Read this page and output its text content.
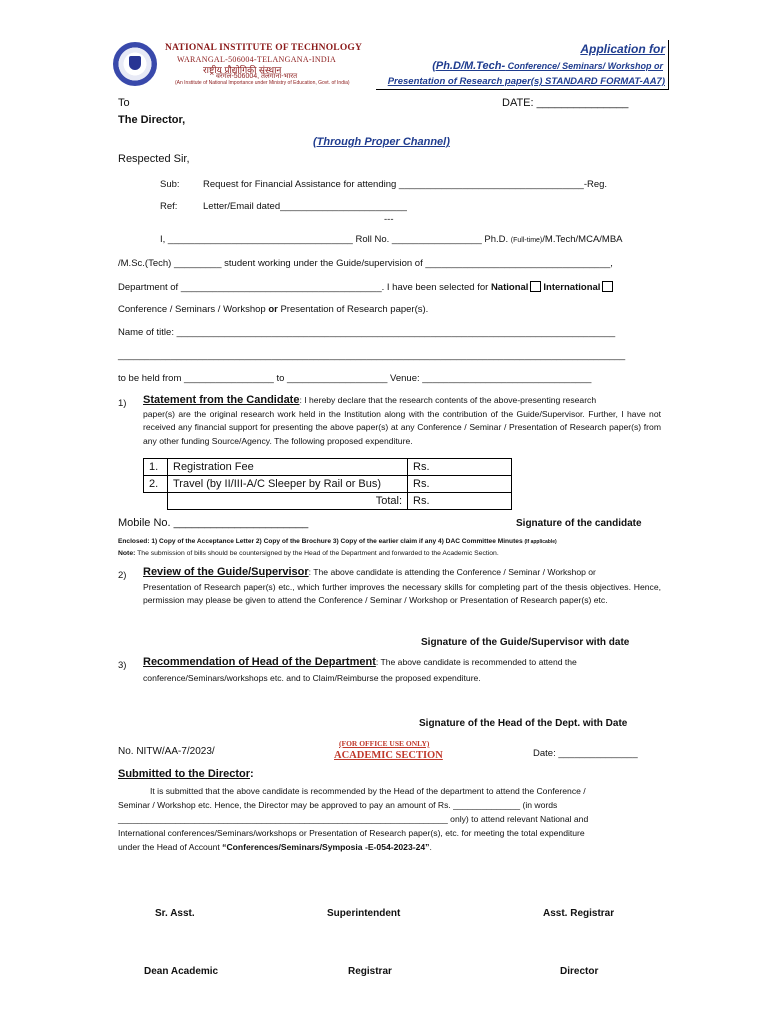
NATIONAL INSTITUTE OF TECHNOLOGY
WARANGAL-506004-TELANGANA-INDIA
राष्ट्रीय प्रौद्योगिकी संस्थान
वरंगल-506004, तेलंगाना-भारत
(An Institute of National Importance under Ministry of Education, Govt. of India)
Application for
(Ph.D/M.Tech- Conference/ Seminars/ Workshop or
Presentation of Research paper(s) STANDARD FORMAT-AA7)
To	DATE: _______________
The Director,
(Through Proper Channel)
Respected Sir,
Sub: Request for Financial Assistance for attending ___________________________________-Reg.
Ref:	Letter/Email dated________________________
---
I, ___________________________________ Roll No. _________________ Ph.D. (Full-time)/M.Tech/MCA/MBA
/M.Sc.(Tech) _________ student working under the Guide/supervision of ___________________________________,
Department of ______________________________________. I have been selected for National International
Conference / Seminars / Workshop or Presentation of Research paper(s).
Name of title: ___________________________________________________________________________________
________________________________________________________________________________________________
to be held from _________________ to ___________________ Venue: ________________________________
1) Statement from the Candidate: I hereby declare that the research contents of the above-presenting research
paper(s) are the original research work held in the Institution along with the contribution of the Guide/Supervisor. Further, I have not received any financial support for presenting the above paper(s) at any Conference / Seminar / Presentation of Research paper(s) from any other funding Source/Agency. The following proposed expenditure.
1.	Registration Fee	Rs.
2.	Travel (by II/III-A/C Sleeper by Rail or Bus)	Rs.
	Total:	Rs.
Mobile No. ______________________	Signature of the candidate
Enclosed: 1) Copy of the Acceptance Letter 2) Copy of the Brochure 3) Copy of the earlier claim if any 4) DAC Committee Minutes (If applicable)
Note: The submission of bills should be countersigned by the Head of the Department and forwarded to the Academic Section.
2) Review of the Guide/Supervisor: The above candidate is attending the Conference / Seminar / Workshop or
Presentation of Research paper(s) etc., which further improves the necessary skills for completing part of the thesis objectives. Hence, permission may please be given to attend the Conference / Seminar / Workshop or Presentation of Research paper(s) etc.
Signature of the Guide/Supervisor with date
3) Recommendation of Head of the Department: The above candidate is recommended to attend the
conference/Seminars/workshops etc. and to Claim/Reimburse the proposed expenditure.
Signature of the Head of the Dept. with Date
No. NITW/AA-7/2023/
(FOR OFFICE USE ONLY)
ACADEMIC SECTION	Date: _______________
Submitted to the Director:
It is submitted that the above candidate is recommended by the Head of the department to attend the Conference /
Seminar / Workshop etc. Hence, the Director may be approved to pay an amount of Rs. ______________ (in words
_____________________________________________________________________ only) to attend relevant National and
International conferences/Seminars/workshops or Presentation of Research paper(s), etc. for meeting the total expenditure
under the Head of Account “Conferences/Seminars/Symposia -E-054-2023-24”.
Sr. Asst.	Superintendent	Asst. Registrar
Dean Academic	Registrar	Director
